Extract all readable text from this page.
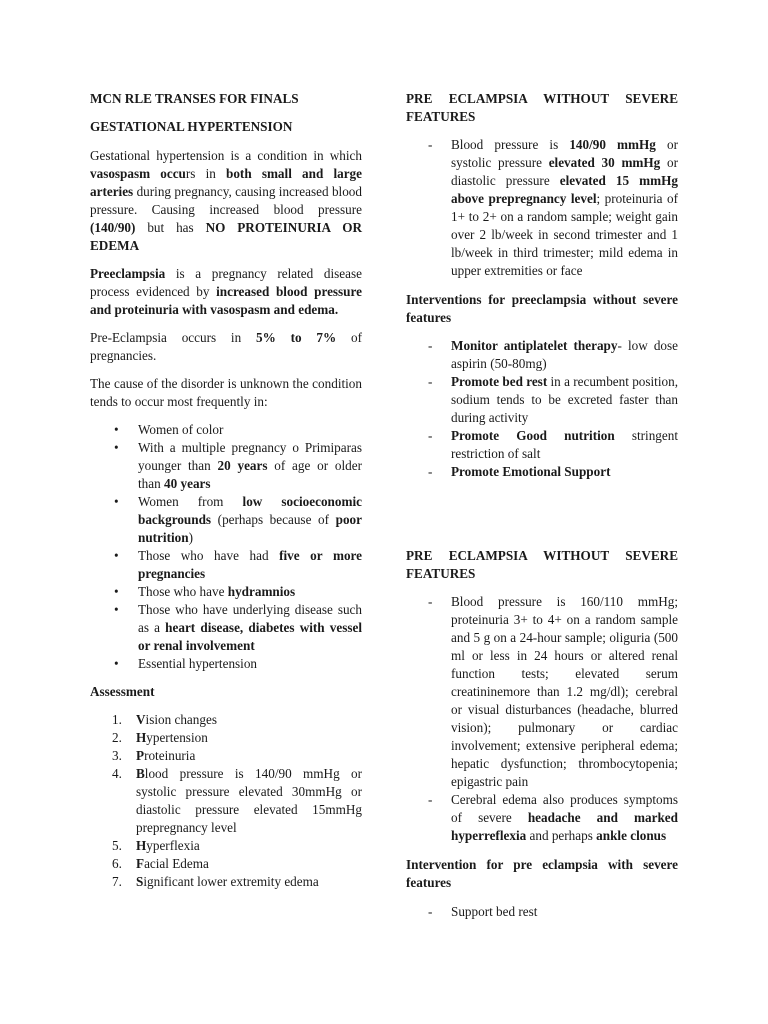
MCN RLE TRANSES FOR FINALS

GESTATIONAL HYPERTENSION

Gestational hypertension is a condition in which vasospasm occurs in both small and large arteries during pregnancy, causing increased blood pressure. Causing increased blood pressure (140/90) but has NO PROTEINURIA OR EDEMA

Preeclampsia is a pregnancy related disease process evidenced by increased blood pressure and proteinuria with vasospasm and edema.

Pre-Eclampsia occurs in 5% to 7% of pregnancies.

The cause of the disorder is unknown the condition tends to occur most frequently in:

• Women of color
• With a multiple pregnancy o Primiparas younger than 20 years of age or older than 40 years
• Women from low socioeconomic backgrounds (perhaps because of poor nutrition)
• Those who have had five or more pregnancies
• Those who have hydramnios
• Those who have underlying disease such as a heart disease, diabetes with vessel or renal involvement
• Essential hypertension

Assessment

1. Vision changes
2. Hypertension
3. Proteinuria
4. Blood pressure is 140/90 mmHg or systolic pressure elevated 30mmHg or diastolic pressure elevated 15mmHg prepregnancy level
5. Hyperflexia
6. Facial Edema
7. Significant lower extremity edema

PRE ECLAMPSIA WITHOUT SEVERE FEATURES

- Blood pressure is 140/90 mmHg or systolic pressure elevated 30 mmHg or diastolic pressure elevated 15 mmHg above prepregnancy level; proteinuria of 1+ to 2+ on a random sample; weight gain over 2 lb/week in second trimester and 1 lb/week in third trimester; mild edema in upper extremities or face

Interventions for preeclampsia without severe features

- Monitor antiplatelet therapy- low dose aspirin (50-80mg)
- Promote bed rest in a recumbent position, sodium tends to be excreted faster than during activity
- Promote Good nutrition stringent restriction of salt
- Promote Emotional Support

PRE ECLAMPSIA WITHOUT SEVERE FEATURES

- Blood pressure is 160/110 mmHg; proteinuria 3+ to 4+ on a random sample and 5 g on a 24-hour sample; oliguria (500 ml or less in 24 hours or altered renal function tests; elevated serum creatininemore than 1.2 mg/dl); cerebral or visual disturbances (headache, blurred vision); pulmonary or cardiac involvement; extensive peripheral edema; hepatic dysfunction; thrombocytopenia; epigastric pain
- Cerebral edema also produces symptoms of severe headache and marked hyperreflexia and perhaps ankle clonus

Intervention for pre eclampsia with severe features

- Support bed rest
